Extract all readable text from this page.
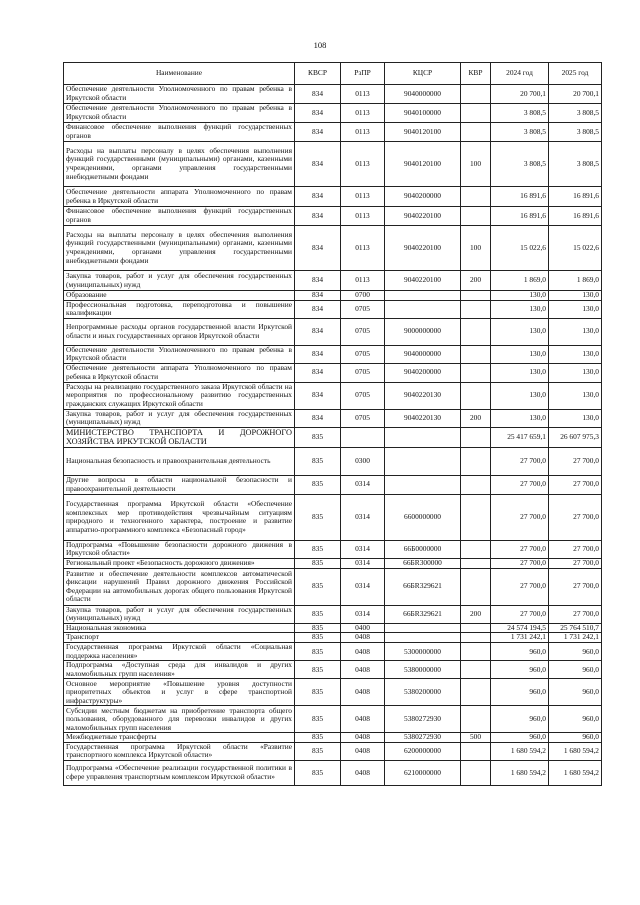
108
Наименование	КВСР	РзПР	КЦСР	КВР	2024 год	2025 год
Обеспечение деятельности Уполномоченного по правам ребенка в Иркутской области	834	0113	9040000000		20 700,1	20 700,1
Обеспечение деятельности Уполномоченного по правам ребенка в Иркутской области	834	0113	9040100000		3 808,5	3 808,5
Финансовое обеспечение выполнения функций государственных органов	834	0113	9040120100		3 808,5	3 808,5
Расходы на выплаты персоналу в целях обеспечения выполнения функций государственными (муниципальными) органами, казенными учреждениями, органами управления государственными внебюджетными фондами	834	0113	9040120100	100	3 808,5	3 808,5
Обеспечение деятельности аппарата Уполномоченного по правам ребенка в Иркутской области	834	0113	9040200000		16 891,6	16 891,6
Финансовое обеспечение выполнения функций государственных органов	834	0113	9040220100		16 891,6	16 891,6
Расходы на выплаты персоналу в целях обеспечения выполнения функций государственными (муниципальными) органами, казенными учреждениями, органами управления государственными внебюджетными фондами	834	0113	9040220100	100	15 022,6	15 022,6
Закупка товаров, работ и услуг для обеспечения государственных (муниципальных) нужд	834	0113	9040220100	200	1 869,0	1 869,0
Образование	834	0700			130,0	130,0
Профессиональная подготовка, переподготовка и повышение квалификации	834	0705			130,0	130,0
Непрограммные расходы органов государственной власти Иркутской области и иных государственных органов Иркутской области	834	0705	9000000000		130,0	130,0
Обеспечение деятельности Уполномоченного по правам ребенка в Иркутской области	834	0705	9040000000		130,0	130,0
Обеспечение деятельности аппарата Уполномоченного по правам ребенка в Иркутской области	834	0705	9040200000		130,0	130,0
Расходы на реализацию государственного заказа Иркутской области на мероприятия по профессиональному развитию государственных гражданских служащих Иркутской области	834	0705	9040220130		130,0	130,0
Закупка товаров, работ и услуг для обеспечения государственных (муниципальных) нужд	834	0705	9040220130	200	130,0	130,0
МИНИСТЕРСТВО ТРАНСПОРТА И ДОРОЖНОГО ХОЗЯЙСТВА ИРКУТСКОЙ ОБЛАСТИ	835				25 417 659,1	26 607 975,3
Национальная безопасность и правоохранительная деятельность	835	0300			27 700,0	27 700,0
Другие вопросы в области национальной безопасности и правоохранительной деятельности	835	0314			27 700,0	27 700,0
Государственная программа Иркутской области «Обеспечение комплексных мер противодействия чрезвычайным ситуациям природного и техногенного характера, построение и развитие аппаратно-программного комплекса «Безопасный город»	835	0314	6600000000		27 700,0	27 700,0
Подпрограмма «Повышение безопасности дорожного движения в Иркутской области»	835	0314	66Б0000000		27 700,0	27 700,0
Региональный проект «Безопасность дорожного движения»	835	0314	66БR300000		27 700,0	27 700,0
Развитие и обеспечение деятельности комплексов автоматической фиксации нарушений Правил дорожного движения Российской Федерации на автомобильных дорогах общего пользования Иркутской области	835	0314	66БR329621		27 700,0	27 700,0
Закупка товаров, работ и услуг для обеспечения государственных (муниципальных) нужд	835	0314	66БR329621	200	27 700,0	27 700,0
Национальная экономика	835	0400			24 574 194,5	25 764 510,7
Транспорт	835	0408			1 731 242,1	1 731 242,1
Государственная программа Иркутской области «Социальная поддержка населения»	835	0408	5300000000		960,0	960,0
Подпрограмма «Доступная среда для инвалидов и других маломобильных групп населения»	835	0408	5380000000		960,0	960,0
Основное мероприятие «Повышение уровня доступности приоритетных объектов и услуг в сфере транспортной инфраструктуры»	835	0408	5380200000		960,0	960,0
Субсидии местным бюджетам на приобретение транспорта общего пользования, оборудованного для перевозки инвалидов и других маломобильных групп населения	835	0408	5380272930		960,0	960,0
Межбюджетные трансферты	835	0408	5380272930	500	960,0	960,0
Государственная программа Иркутской области «Развитие транспортного комплекса Иркутской области»	835	0408	6200000000		1 680 594,2	1 680 594,2
Подпрограмма «Обеспечение реализации государственной политики в сфере управления транспортным комплексом Иркутской области»	835	0408	6210000000		1 680 594,2	1 680 594,2
